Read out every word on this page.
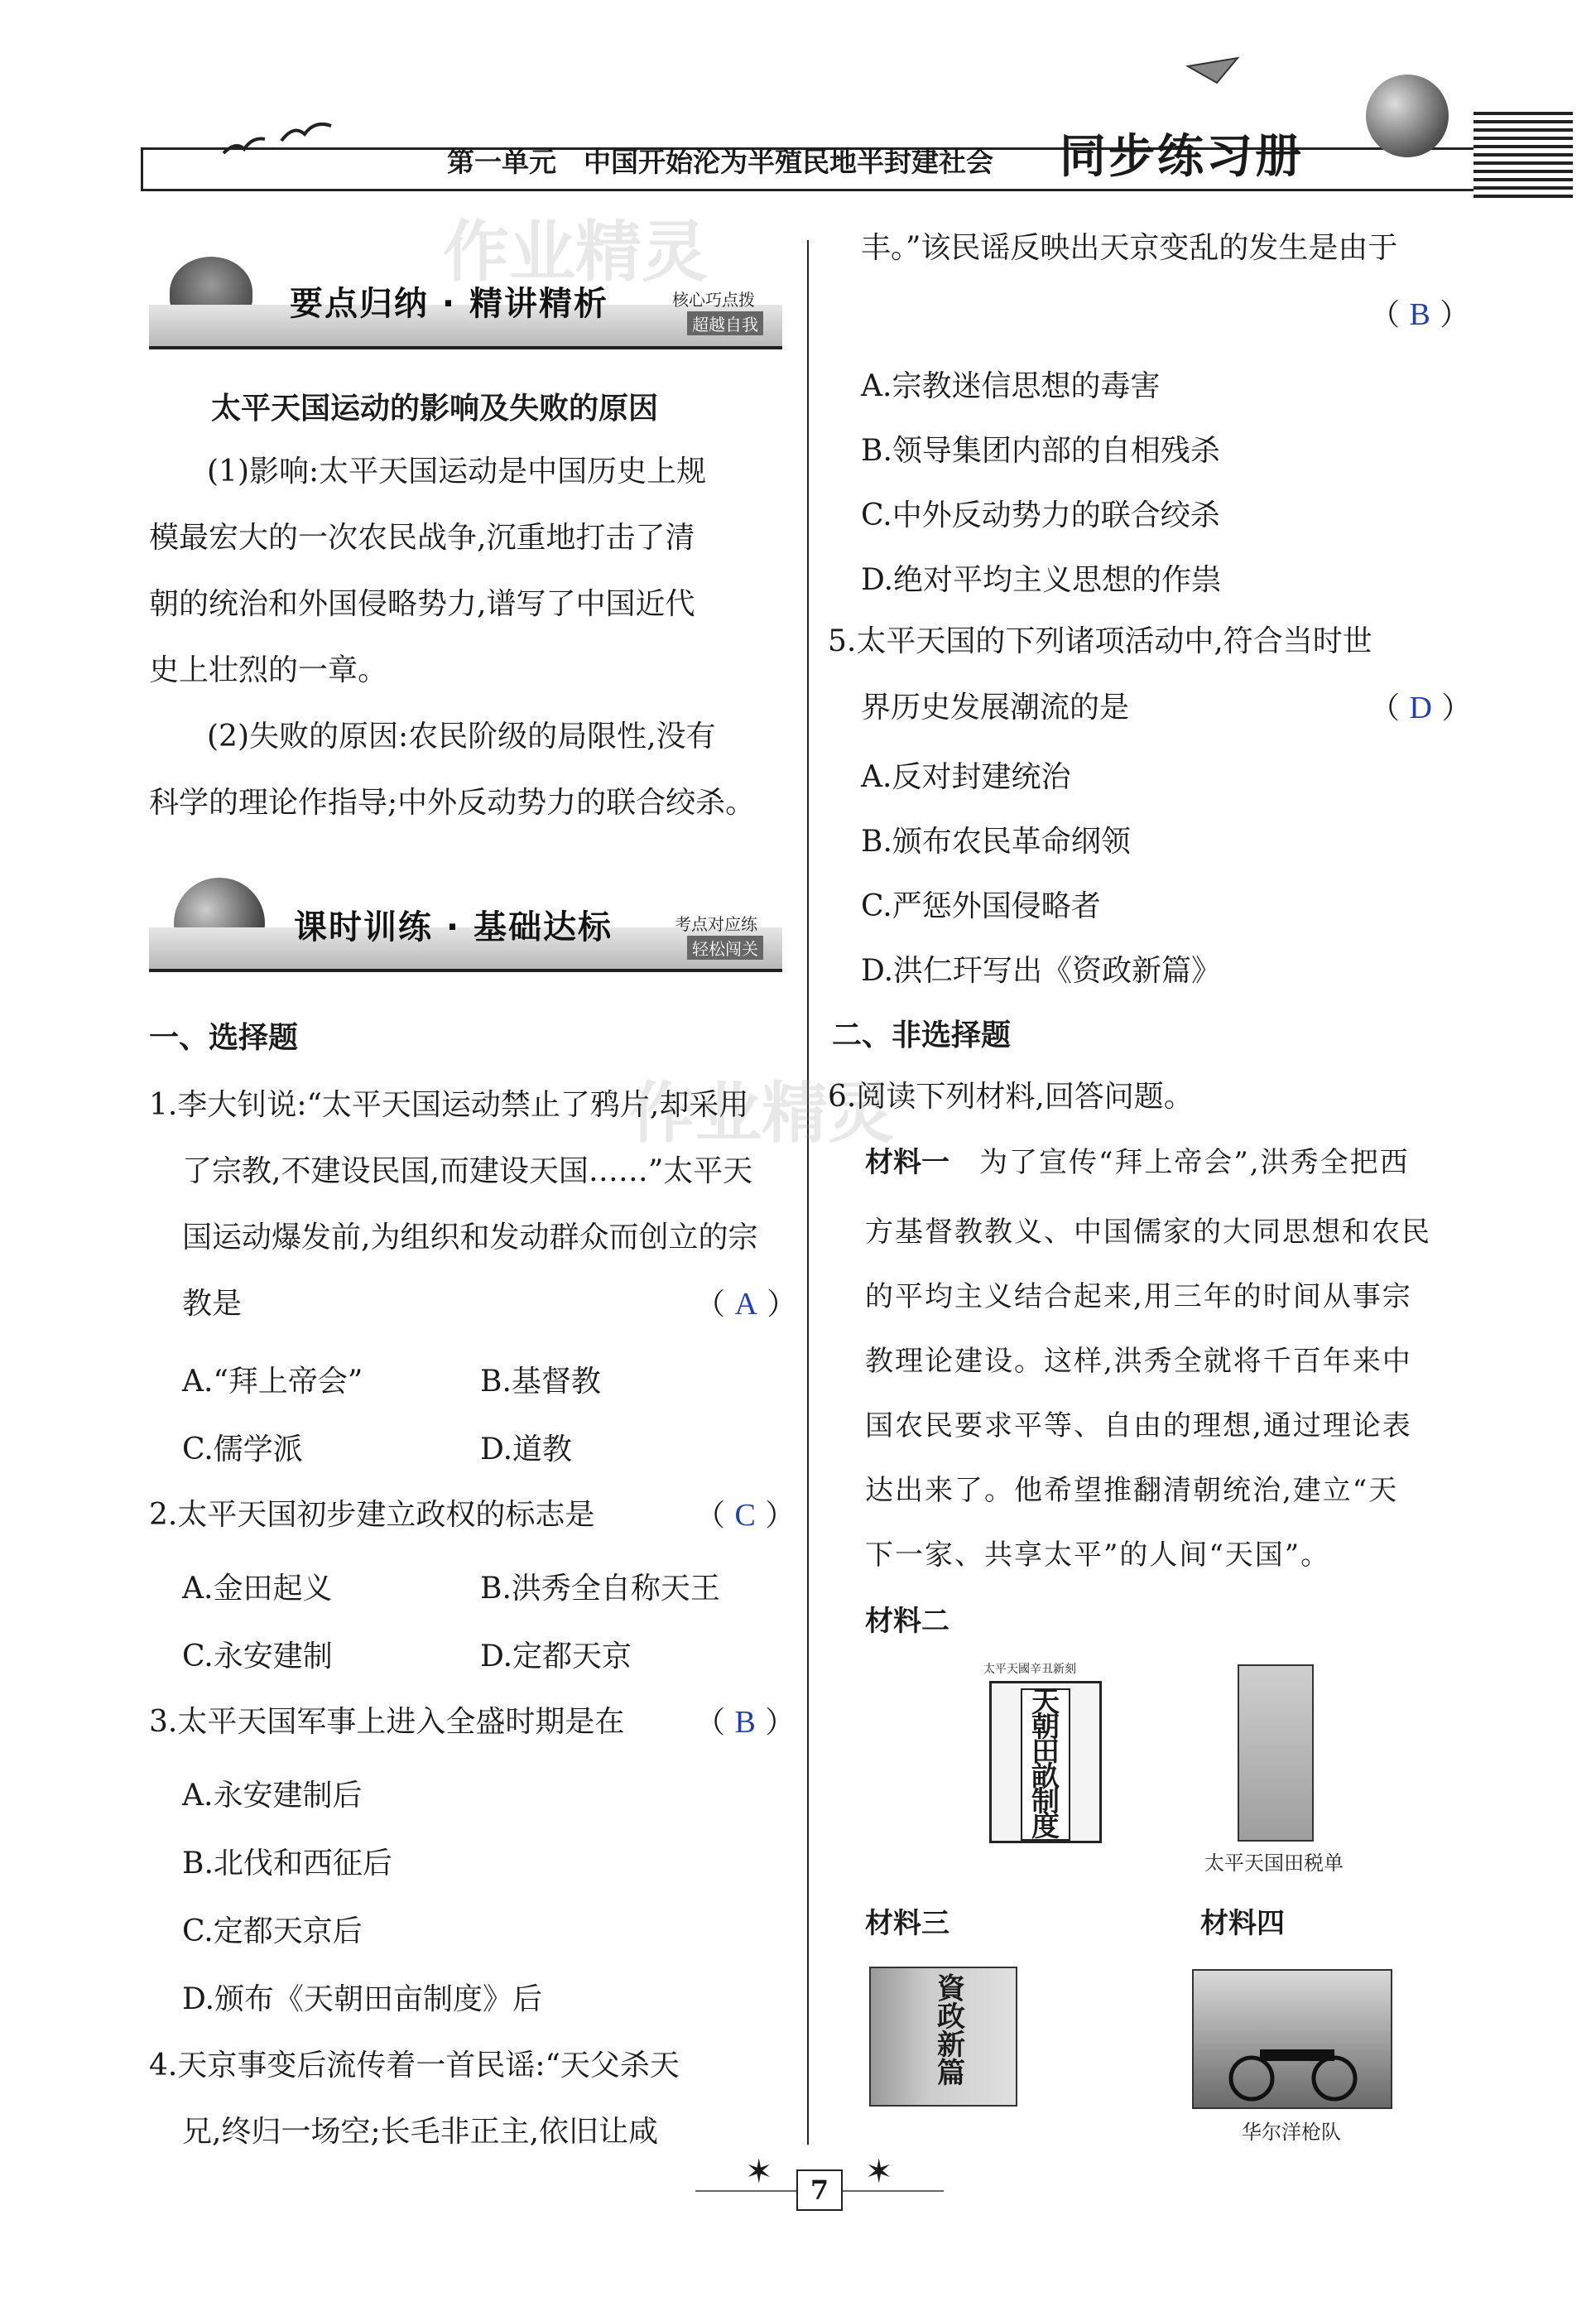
第一单元　中国开始沦为半殖民地半封建社会 同步练习册
作业精灵
作业精灵
要点归纳 · 精讲精析	核心巧点拨
超越自我
太平天国运动的影响及失败的原因
(1)影响:太平天国运动是中国历史上规
模最宏大的一次农民战争,沉重地打击了清
朝的统治和外国侵略势力,谱写了中国近代
史上壮烈的一章。
(2)失败的原因:农民阶级的局限性,没有
科学的理论作指导;中外反动势力的联合绞杀。
课时训练 · 基础达标	考点对应练
轻松闯关
一、选择题
1.李大钊说:“太平天国运动禁止了鸦片,却采用
了宗教,不建设民国,而建设天国……”太平天
国运动爆发前,为组织和发动群众而创立的宗
教是	（ A ）
A.“拜上帝会”	B.基督教
C.儒学派	D.道教
2.太平天国初步建立政权的标志是	（ C ）
A.金田起义	B.洪秀全自称天王
C.永安建制	D.定都天京
3.太平天国军事上进入全盛时期是在 （ B ）
A.永安建制后
B.北伐和西征后
C.定都天京后
D.颁布《天朝田亩制度》后
4.天京事变后流传着一首民谣:“天父杀天
兄,终归一场空;长毛非正主,依旧让咸
丰。”该民谣反映出天京变乱的发生是由于
（ B ）
A.宗教迷信思想的毒害
B.领导集团内部的自相残杀
C.中外反动势力的联合绞杀
D.绝对平均主义思想的作祟
5.太平天国的下列诸项活动中,符合当时世
界历史发展潮流的是	（ D ）
A.反对封建统治
B.颁布农民革命纲领
C.严惩外国侵略者
D.洪仁玕写出《资政新篇》
二、非选择题
6.阅读下列材料,回答问题。
材料一 为了宣传“拜上帝会”,洪秀全把西
方基督教教义、中国儒家的大同思想和农民
的平均主义结合起来,用三年的时间从事宗
教理论建设。这样,洪秀全就将千百年来中
国农民要求平等、自由的理想,通过理论表
达出来了。他希望推翻清朝统治,建立“天
下一家、共享太平”的人间“天国”。
材料二
太平天國辛丑新刻
天朝田畝制度
太平天国田税单
材料三	材料四
資政新篇
华尔洋枪队
7
✶	✶
